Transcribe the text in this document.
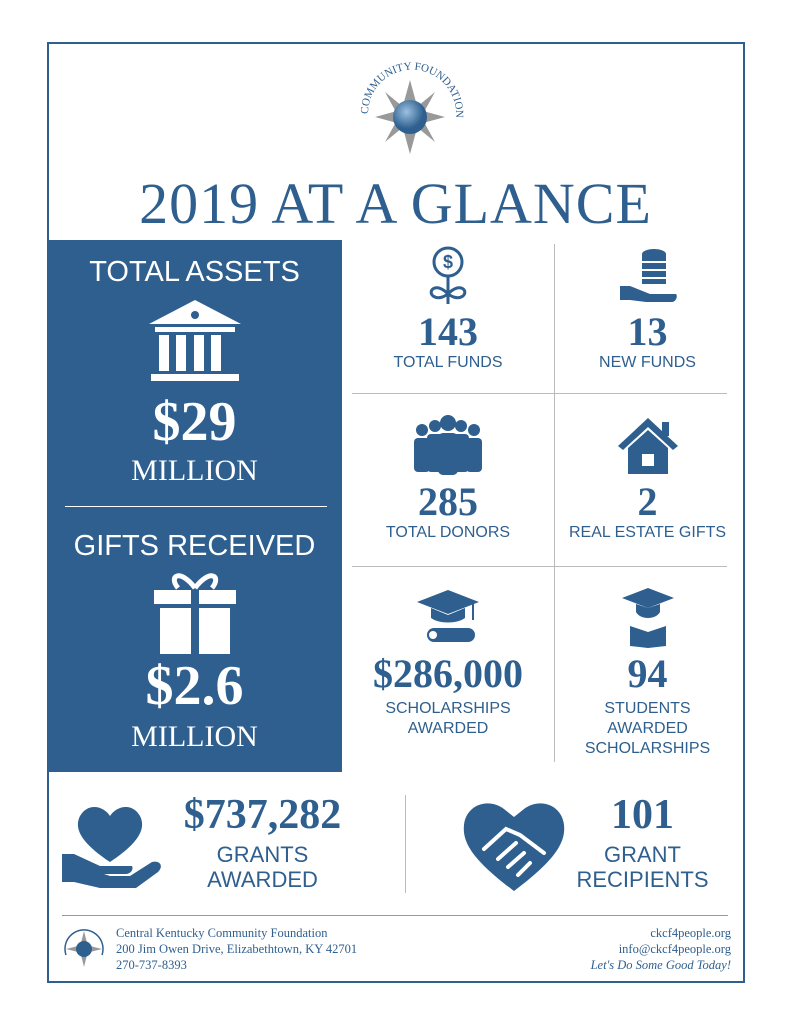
COMMUNITY FOUNDATION
2019 AT A GLANCE
TOTAL ASSETS
$29
MILLION
GIFTS RECEIVED
$2.6
MILLION
$
143
TOTAL FUNDS
13
NEW FUNDS
285
TOTAL DONORS
2
REAL ESTATE GIFTS
$286,000
SCHOLARSHIPS AWARDED
94
STUDENTS AWARDED SCHOLARSHIPS
$737,282
GRANTS AWARDED
101
GRANT RECIPIENTS
Central Kentucky Community Foundation
200 Jim Owen Drive, Elizabethtown, KY 42701
270-737-8393
ckcf4people.org
info@ckcf4people.org
Let's Do Some Good Today!
